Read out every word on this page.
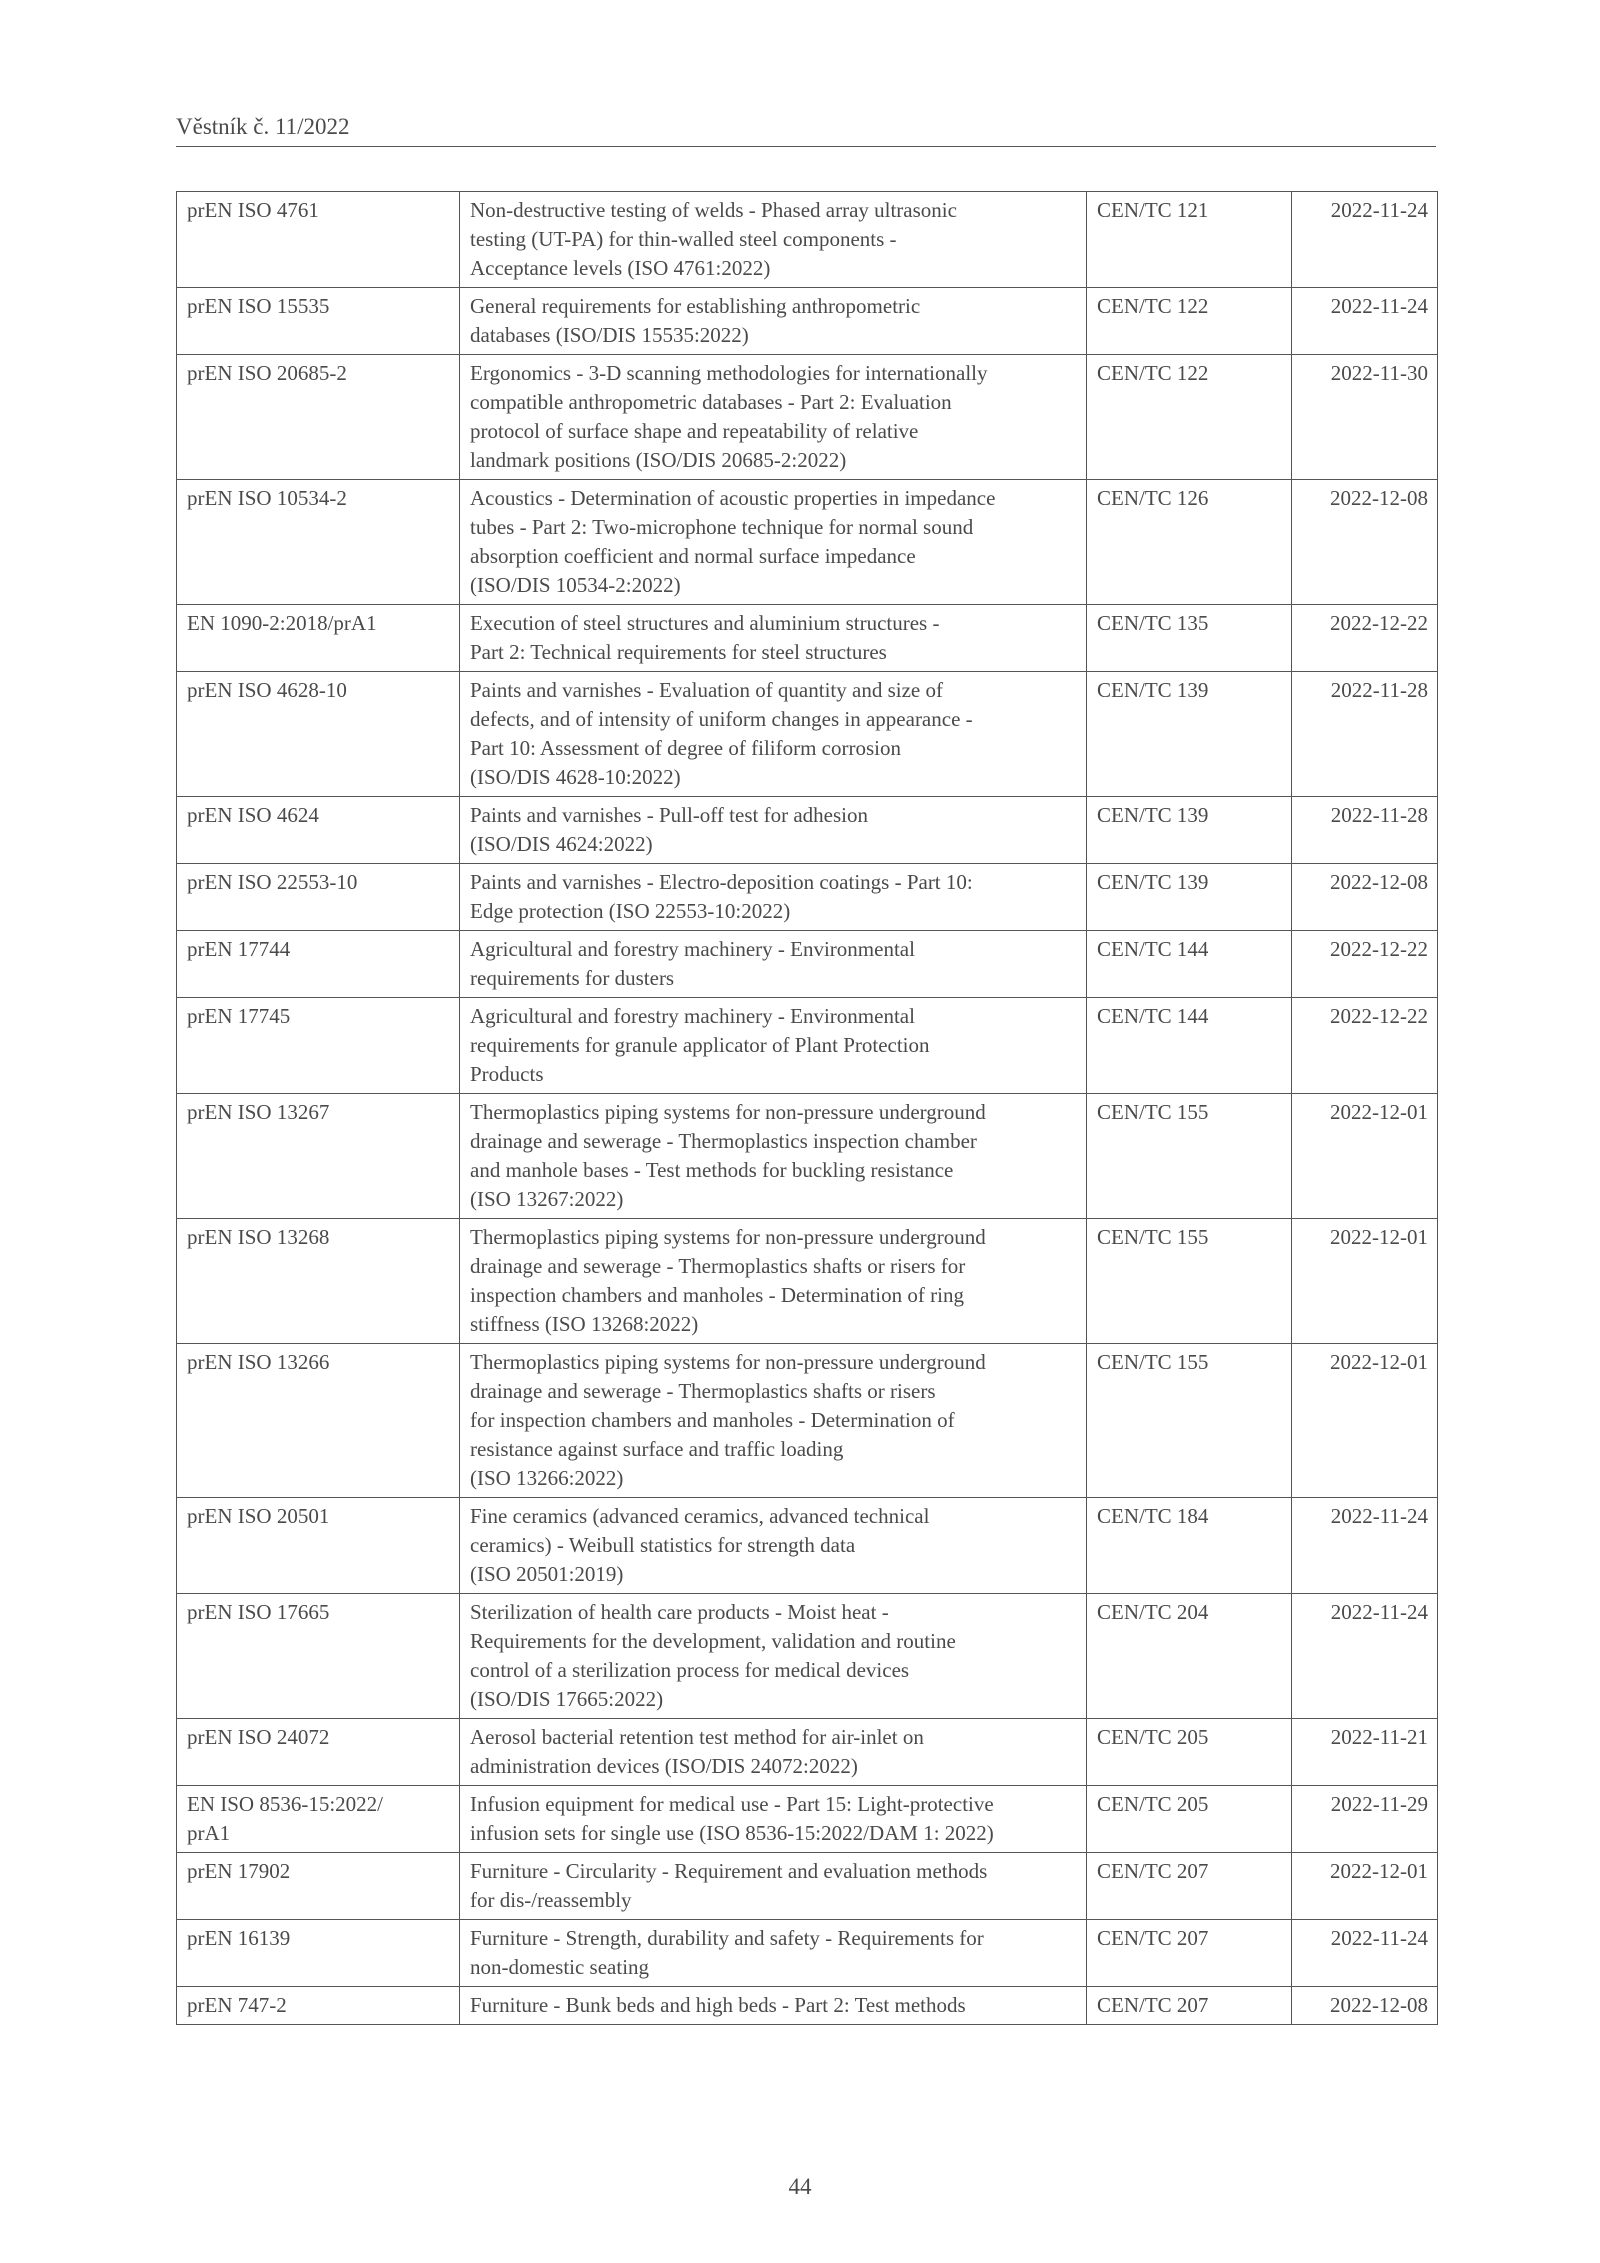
Věstník č. 11/2022
prEN ISO 4761	Non-destructive testing of welds - Phased array ultrasonic
testing (UT-PA) for thin-walled steel components -
Acceptance levels (ISO 4761:2022)	CEN/TC 121	2022-11-24
prEN ISO 15535	General requirements for establishing anthropometric
databases (ISO/DIS 15535:2022)	CEN/TC 122	2022-11-24
prEN ISO 20685-2	Ergonomics - 3-D scanning methodologies for internationally
compatible anthropometric databases - Part 2: Evaluation
protocol of surface shape and repeatability of relative
landmark positions (ISO/DIS 20685-2:2022)	CEN/TC 122	2022-11-30
prEN ISO 10534-2	Acoustics - Determination of acoustic properties in impedance
tubes - Part 2: Two-microphone technique for normal sound
absorption coefficient and normal surface impedance
(ISO/DIS 10534-2:2022)	CEN/TC 126	2022-12-08
EN 1090-2:2018/prA1	Execution of steel structures and aluminium structures -
Part 2: Technical requirements for steel structures	CEN/TC 135	2022-12-22
prEN ISO 4628-10	Paints and varnishes - Evaluation of quantity and size of
defects, and of intensity of uniform changes in appearance -
Part 10: Assessment of degree of filiform corrosion
(ISO/DIS 4628-10:2022)	CEN/TC 139	2022-11-28
prEN ISO 4624	Paints and varnishes - Pull-off test for adhesion
(ISO/DIS 4624:2022)	CEN/TC 139	2022-11-28
prEN ISO 22553-10	Paints and varnishes - Electro-deposition coatings - Part 10:
Edge protection (ISO 22553-10:2022)	CEN/TC 139	2022-12-08
prEN 17744	Agricultural and forestry machinery - Environmental
requirements for dusters	CEN/TC 144	2022-12-22
prEN 17745	Agricultural and forestry machinery - Environmental
requirements for granule applicator of Plant Protection
Products	CEN/TC 144	2022-12-22
prEN ISO 13267	Thermoplastics piping systems for non-pressure underground
drainage and sewerage - Thermoplastics inspection chamber
and manhole bases - Test methods for buckling resistance
(ISO 13267:2022)	CEN/TC 155	2022-12-01
prEN ISO 13268	Thermoplastics piping systems for non-pressure underground
drainage and sewerage - Thermoplastics shafts or risers for
inspection chambers and manholes - Determination of ring
stiffness (ISO 13268:2022)	CEN/TC 155	2022-12-01
prEN ISO 13266	Thermoplastics piping systems for non-pressure underground
drainage and sewerage - Thermoplastics shafts or risers
for inspection chambers and manholes - Determination of
resistance against surface and traffic loading
(ISO 13266:2022)	CEN/TC 155	2022-12-01
prEN ISO 20501	Fine ceramics (advanced ceramics, advanced technical
ceramics) - Weibull statistics for strength data
(ISO 20501:2019)	CEN/TC 184	2022-11-24
prEN ISO 17665	Sterilization of health care products - Moist heat -
Requirements for the development, validation and routine
control of a sterilization process for medical devices
(ISO/DIS 17665:2022)	CEN/TC 204	2022-11-24
prEN ISO 24072	Aerosol bacterial retention test method for air-inlet on
administration devices (ISO/DIS 24072:2022)	CEN/TC 205	2022-11-21

EN ISO 8536-15:2022/
prA1	Infusion equipment for medical use - Part 15: Light-protective
infusion sets for single use (ISO 8536-15:2022/DAM 1: 2022)	CEN/TC 205	2022-11-29
prEN 17902	Furniture - Circularity - Requirement and evaluation methods
for dis-/reassembly	CEN/TC 207	2022-12-01
prEN 16139	Furniture - Strength, durability and safety - Requirements for
non-domestic seating	CEN/TC 207	2022-11-24
prEN 747-2	Furniture - Bunk beds and high beds - Part 2: Test methods	CEN/TC 207	2022-12-08
44
